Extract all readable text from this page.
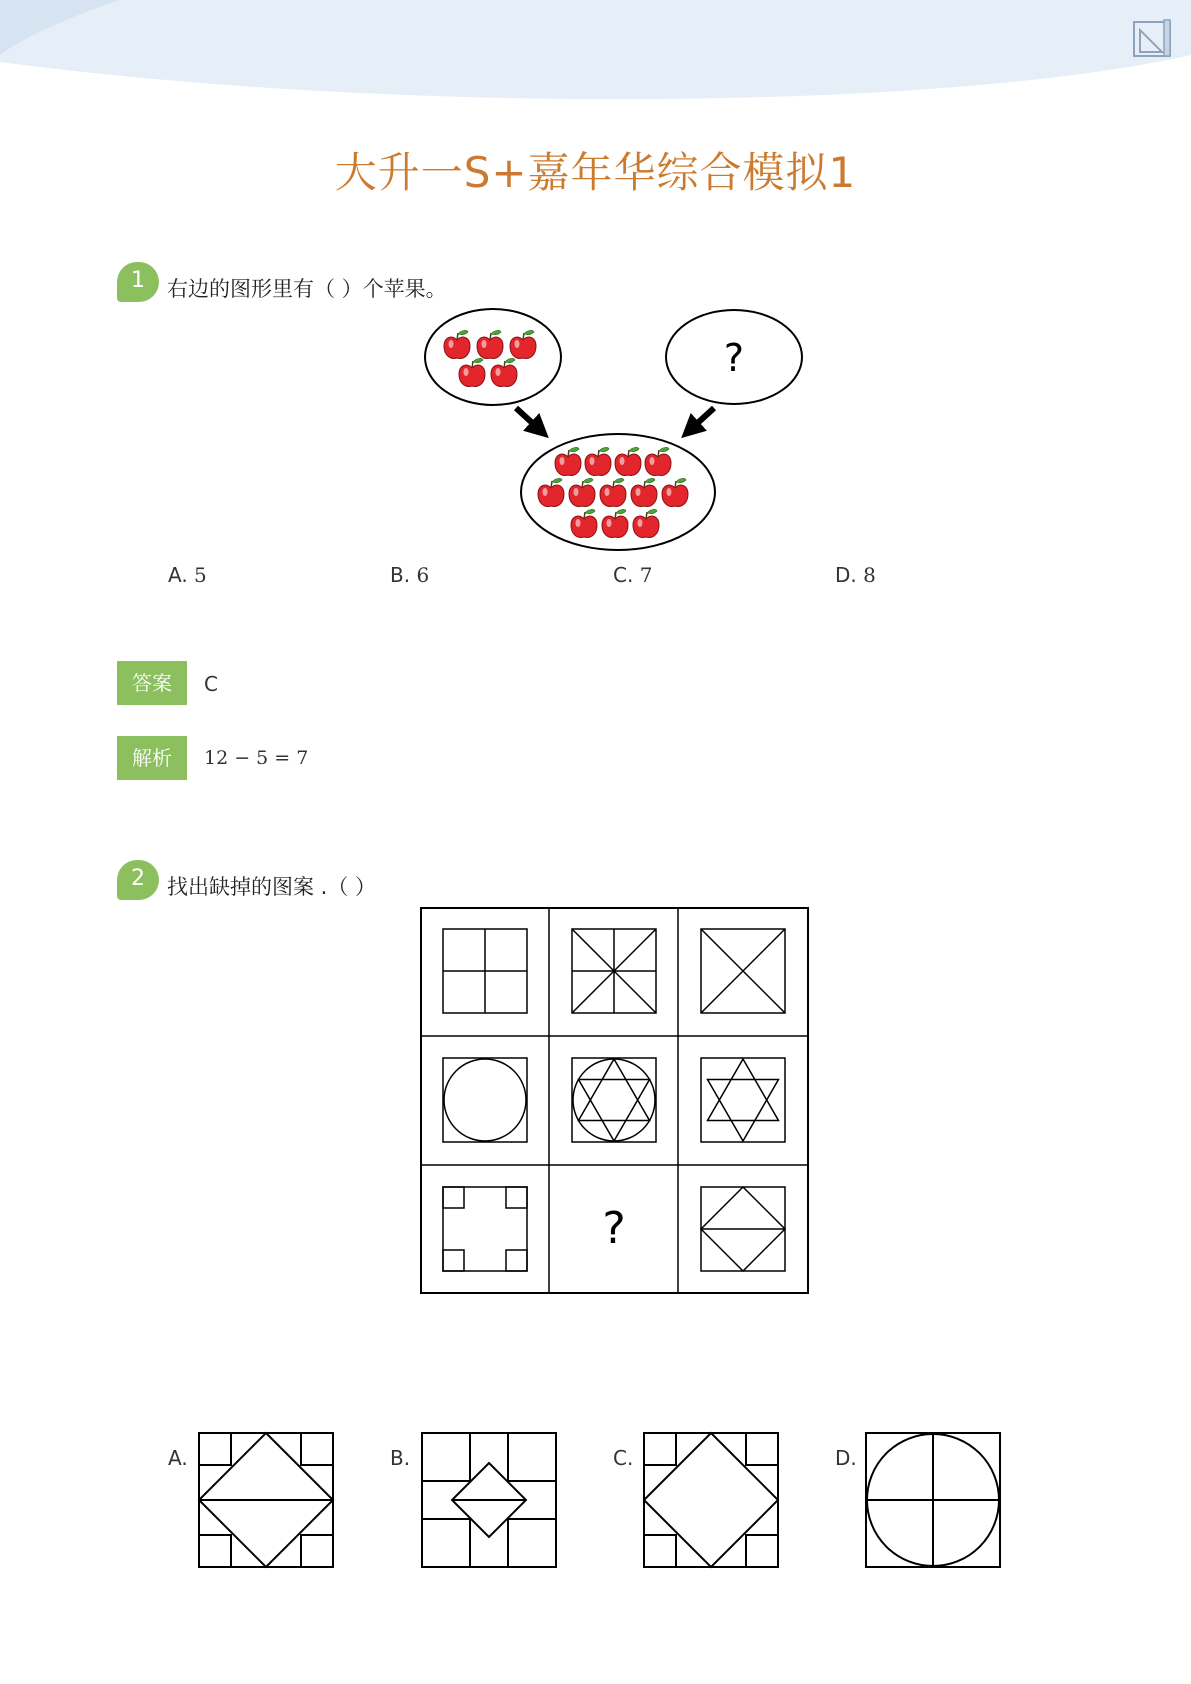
大升一S+嘉年华综合模拟1
1	右边的图形里有（ ）个苹果。
?
A. 5	B. 6	C. 7	D. 8
答案	C
解析	12 − 5 = 7
2	找出缺掉的图案 .（ ）
?
A.	B.	C.	D.
